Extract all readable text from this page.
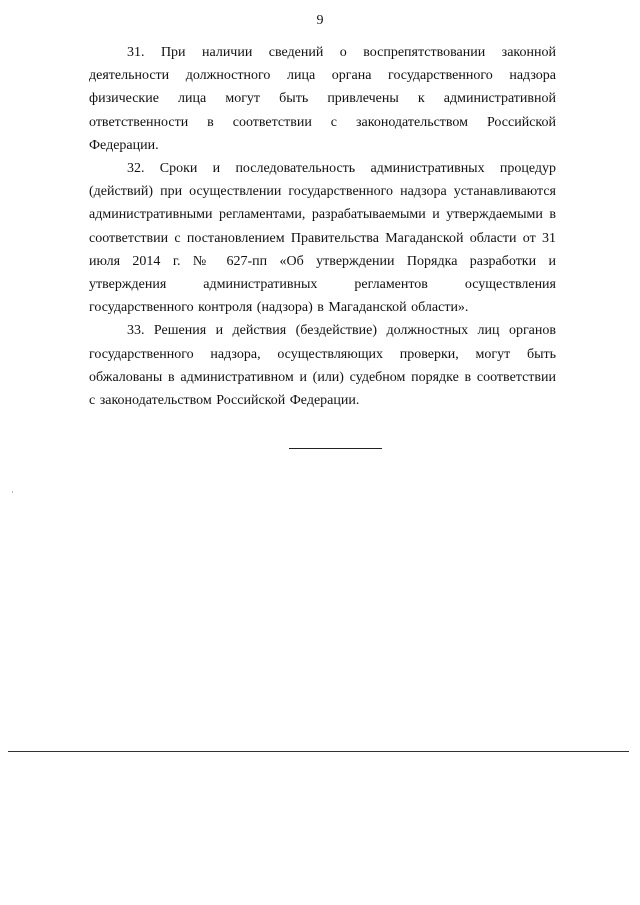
9

31. При наличии сведений о воспрепятствовании законной деятельности должностного лица органа государственного надзора физические лица могут быть привлечены к административной ответственности в соответствии с законодательством Российской Федерации.

32. Сроки и последовательность административных процедур (действий) при осуществлении государственного надзора устанавливаются административными регламентами, разрабатываемыми и утверждаемыми в соответствии с постановлением Правительства Магаданской области от 31 июля 2014 г. № 627-пп «Об утверждении Порядка разработки и утверждения административных регламентов осуществления государственного контроля (надзора) в Магаданской области».

33. Решения и действия (бездействие) должностных лиц органов государственного надзора, осуществляющих проверки, могут быть обжалованы в административном и (или) судебном порядке в соответствии с законодательством Российской Федерации.
